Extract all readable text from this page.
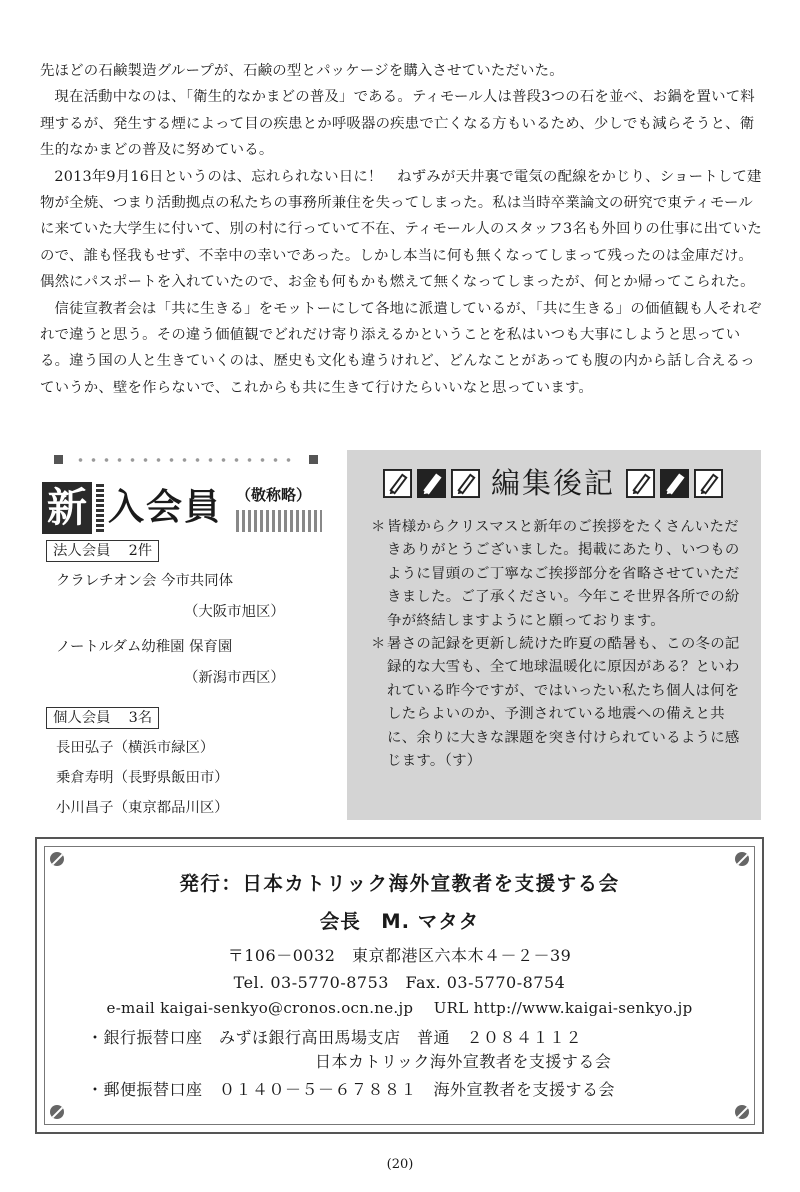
先ほどの石鹸製造グループが、石鹸の型とパッケージを購入させていただいた。

現在活動中なのは、「衛生的なかまどの普及」である。ティモール人は普段3つの石を並べ、お鍋を置いて料理するが、発生する煙によって目の疾患とか呼吸器の疾患で亡くなる方もいるため、少しでも減らそうと、衛生的なかまどの普及に努めている。

2013年9月16日というのは、忘れられない日に！　ねずみが天井裏で電気の配線をかじり、ショートして建物が全焼、つまり活動拠点の私たちの事務所兼住を失ってしまった。私は当時卒業論文の研究で東ティモールに来ていた大学生に付いて、別の村に行っていて不在、ティモール人のスタッフ3名も外回りの仕事に出ていたので、誰も怪我もせず、不幸中の幸いであった。しかし本当に何も無くなってしまって残ったのは金庫だけ。偶然にパスポートを入れていたので、お金も何もかも燃えて無くなってしまったが、何とか帰ってこられた。

信徒宣教者会は「共に生きる」をモットーにして各地に派遣しているが、「共に生きる」の価値観も人それぞれで違うと思う。その違う価値観でどれだけ寄り添えるかということを私はいつも大事にしようと思っている。違う国の人と生きていくのは、歴史も文化も違うけれど、どんなことがあっても腹の内から話し合えるっていうか、壁を作らないで、これからも共に生きて行けたらいいなと思っています。

新 入会員 （敬称略）
法人会員 2件
クラレチオン会 今市共同体
（大阪市旭区）
ノートルダム幼稚園 保育園
（新潟市西区）
個人会員 3名
長田弘子（横浜市緑区）
乗倉寿明（長野県飯田市）
小川昌子（東京都品川区）
編集後記
＊ 皆様からクリスマスと新年のご挨拶をたくさんいただきありがとうございました。掲載にあたり、いつものように冒頭のご丁寧なご挨拶部分を省略させていただきました。ご了承ください。今年こそ世界各所での紛争が終結しますようにと願っております。
＊ 暑さの記録を更新し続けた昨夏の酷暑も、この冬の記録的な大雪も、全て地球温暖化に原因がある？といわれている昨今ですが、ではいったい私たち個人は何をしたらよいのか、予測されている地震への備えと共に、余りに大きな課題を突き付けられているように感じます。（す）
発行：日本カトリック海外宣教者を支援する会
会長　M. マタタ
〒106－0032　東京都港区六本木４－２－39
Tel. 03-5770-8753　Fax. 03-5770-8754
e-mail kaigai-senkyo@cronos.ocn.ne.jp　 URL http://www.kaigai-senkyo.jp
・銀行振替口座　みずほ銀行高田馬場支店　普通　２０８４１１２
日本カトリック海外宣教者を支援する会
・郵便振替口座　０１４０－５－６７８８１　海外宣教者を支援する会
(20)
